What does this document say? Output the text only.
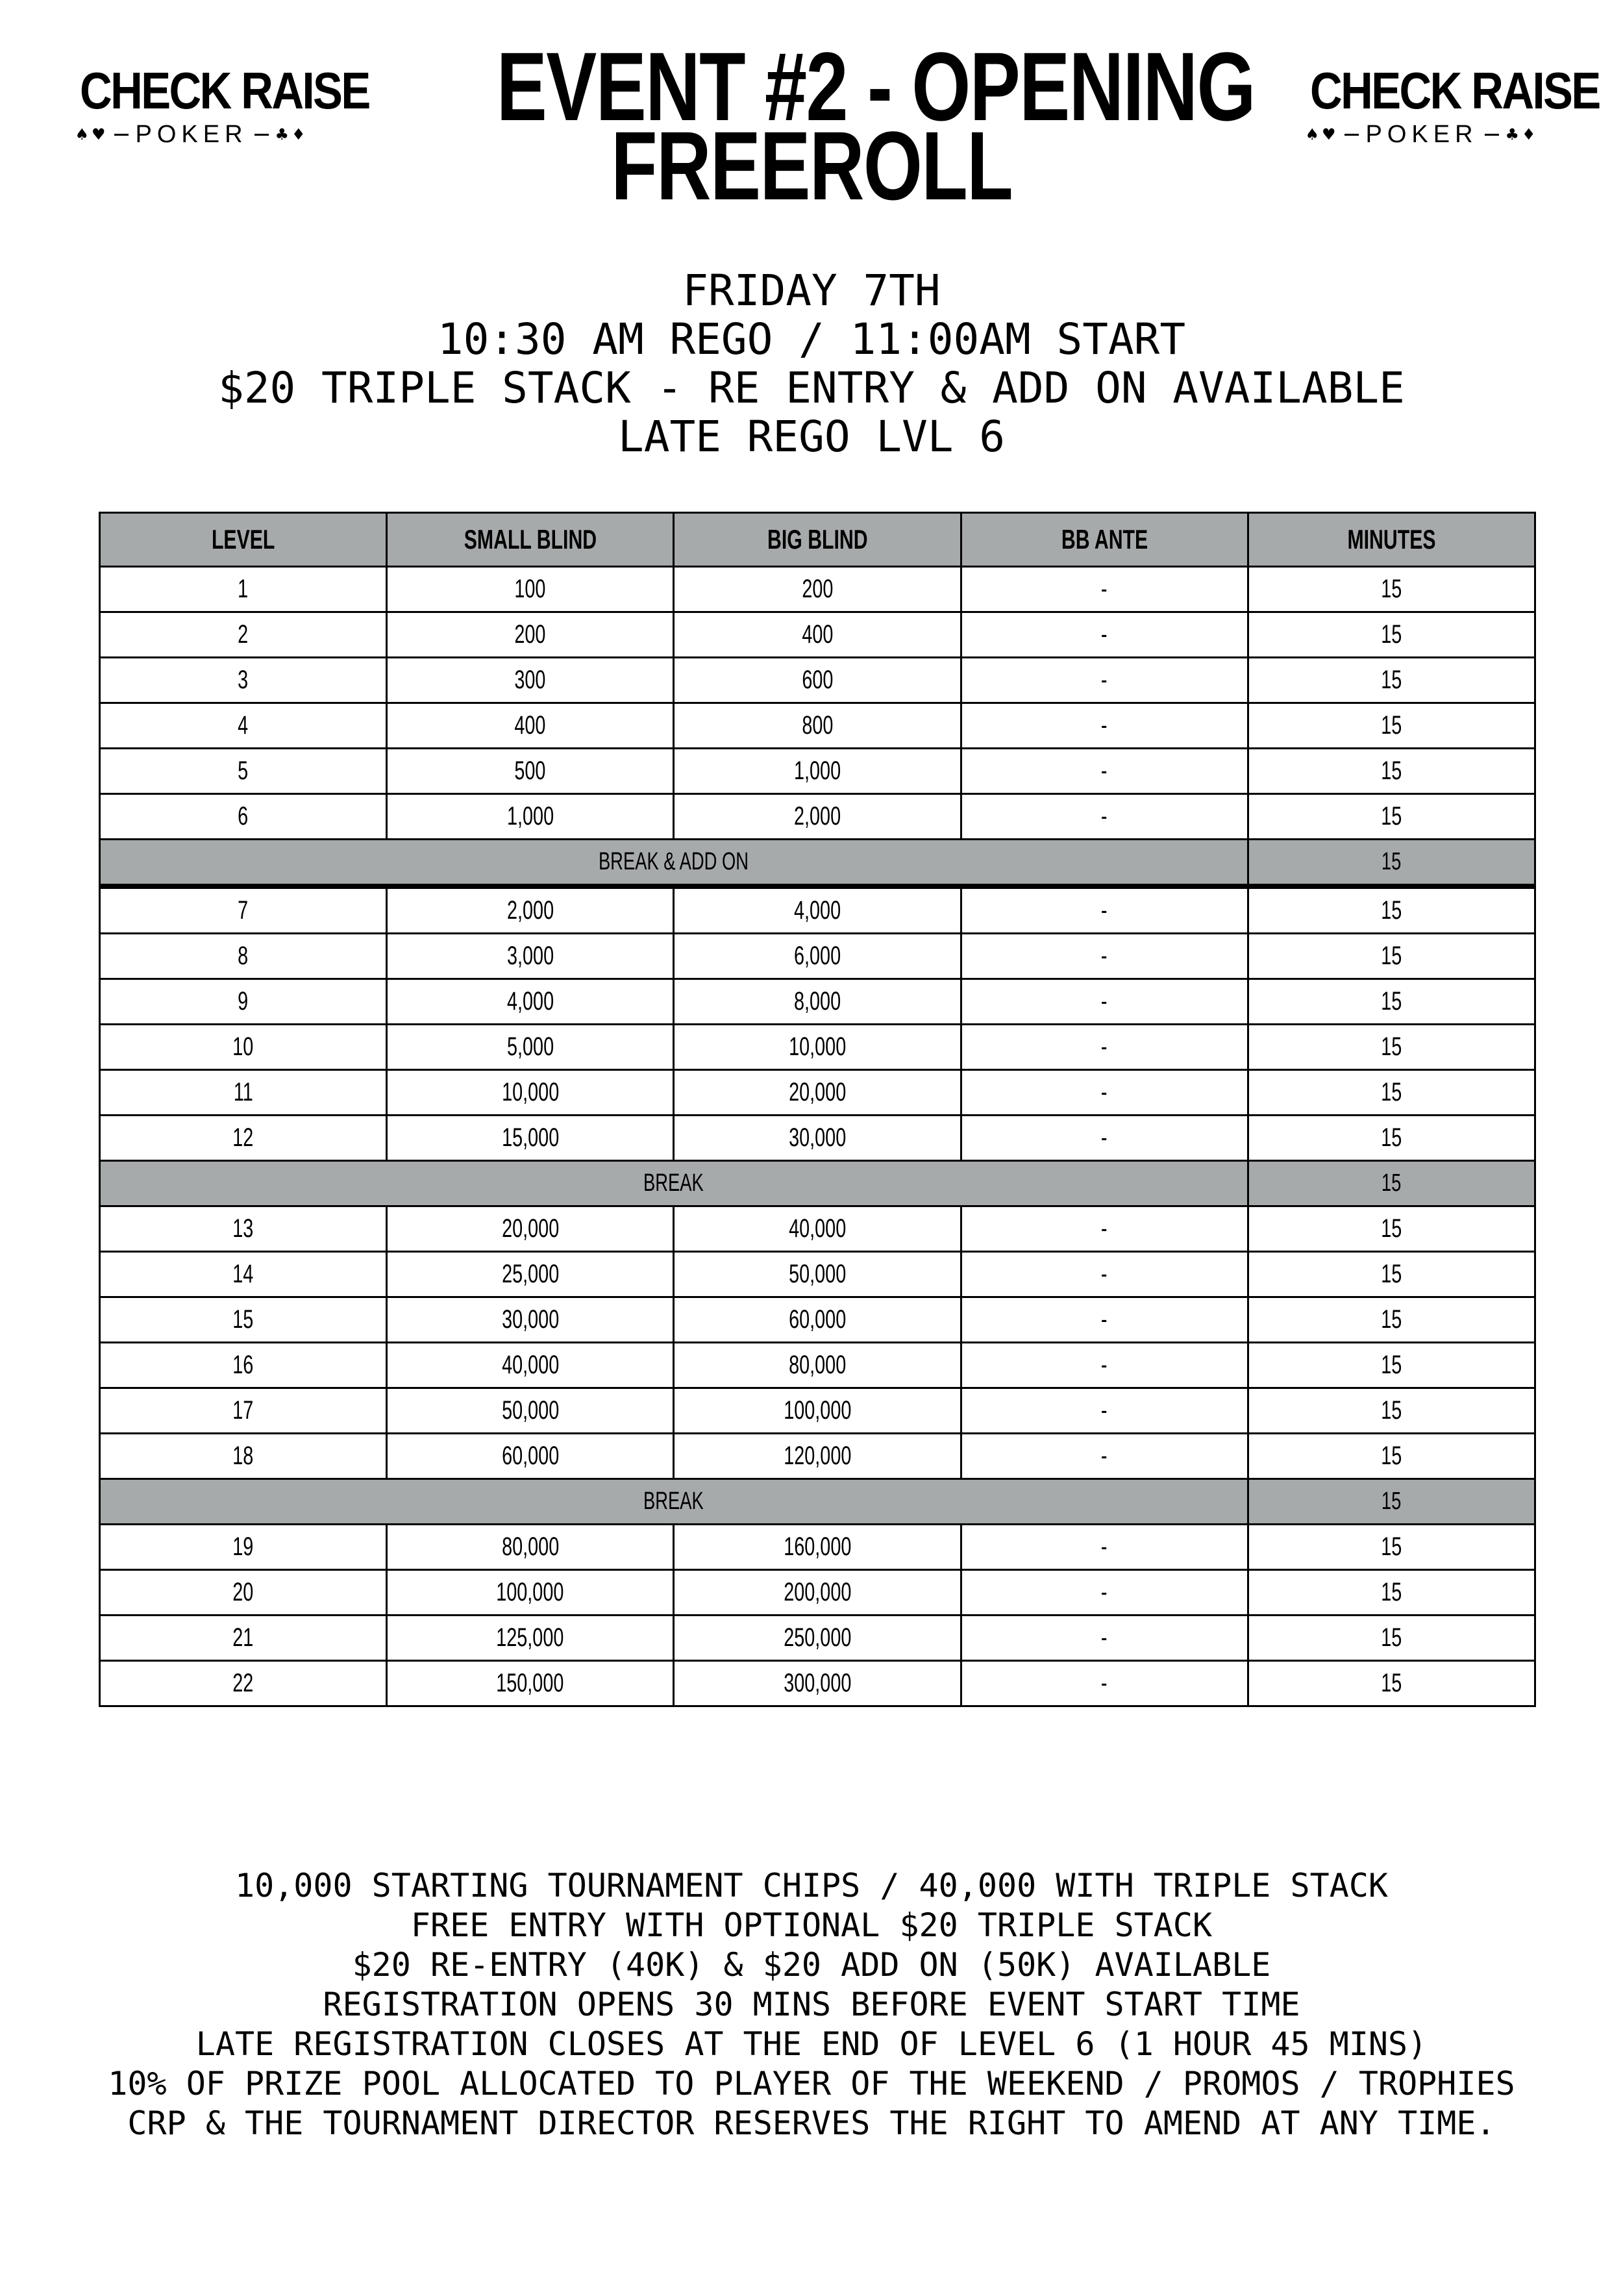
CHECK RAISE
♠♥ POKER ♣♦
CHECK RAISE
♠♥ POKER ♣♦
EVENT #2 - OPENING
FREEROLL
FRIDAY 7TH
10:30 AM REGO / 11:00AM START
$20 TRIPLE STACK - RE ENTRY & ADD ON AVAILABLE
LATE REGO LVL 6
LEVEL	SMALL BLIND	BIG BLIND	BB ANTE	MINUTES
1	100	200	-	15
2	200	400	-	15
3	300	600	-	15
4	400	800	-	15
5	500	1,000	-	15
6	1,000	2,000	-	15
BREAK & ADD ON				15
7	2,000	4,000	-	15
8	3,000	6,000	-	15
9	4,000	8,000	-	15
10	5,000	10,000	-	15
11	10,000	20,000	-	15
12	15,000	30,000	-	15
BREAK				15
13	20,000	40,000	-	15
14	25,000	50,000	-	15
15	30,000	60,000	-	15
16	40,000	80,000	-	15
17	50,000	100,000	-	15
18	60,000	120,000	-	15
BREAK				15
19	80,000	160,000	-	15
20	100,000	200,000	-	15
21	125,000	250,000	-	15
22	150,000	300,000	-	15
10,000 STARTING TOURNAMENT CHIPS / 40,000 WITH TRIPLE STACK
FREE ENTRY WITH OPTIONAL $20 TRIPLE STACK
$20 RE-ENTRY (40K) & $20 ADD ON (50K) AVAILABLE
REGISTRATION OPENS 30 MINS BEFORE EVENT START TIME
LATE REGISTRATION CLOSES AT THE END OF LEVEL 6 (1 HOUR 45 MINS)
10% OF PRIZE POOL ALLOCATED TO PLAYER OF THE WEEKEND / PROMOS / TROPHIES
CRP & THE TOURNAMENT DIRECTOR RESERVES THE RIGHT TO AMEND AT ANY TIME.
